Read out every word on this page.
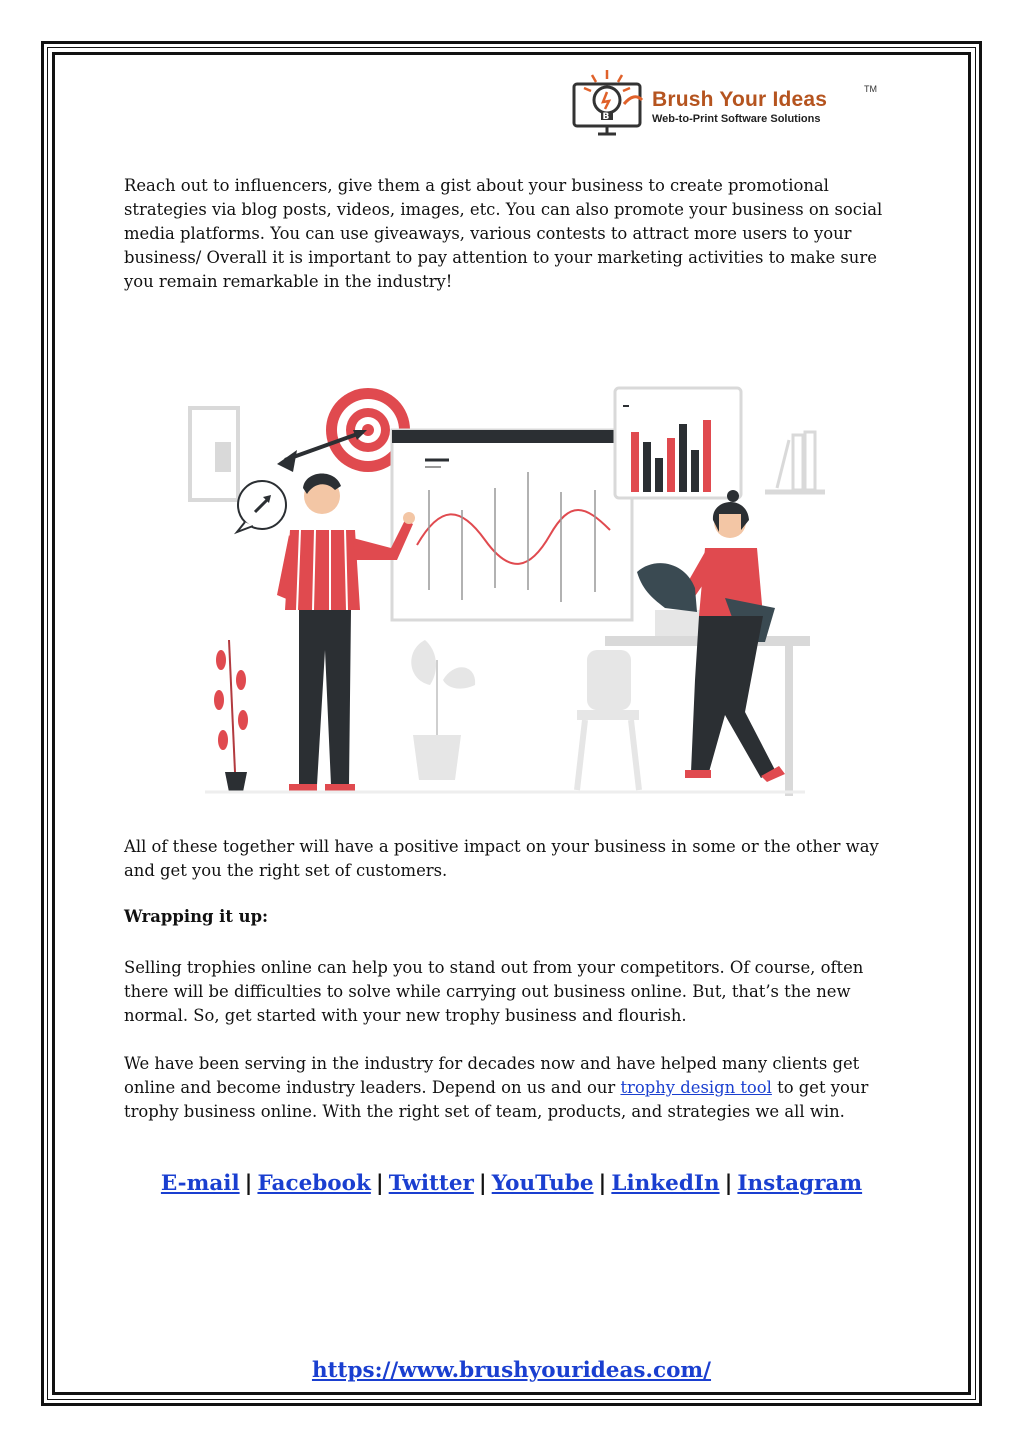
B
Brush Your Ideas	TM
Web-to-Print Software Solutions

Reach out to influencers, give them a gist about your business to create promotional strategies via blog posts, videos, images, etc. You can also promote your business on social media platforms. You can use giveaways, various contests to attract more users to your business/ Overall it is important to pay attention to your marketing activities to make sure you remain remarkable in the industry!

All of these together will have a positive impact on your business in some or the other way and get you the right set of customers.

Wrapping it up:

Selling trophies online can help you to stand out from your competitors. Of course, often there will be difficulties to solve while carrying out business online. But, that’s the new normal. So, get started with your new trophy business and flourish.

We have been serving in the industry for decades now and have helped many clients get online and become industry leaders. Depend on us and our trophy design tool to get your trophy business online. With the right set of team, products, and strategies we all win.

E-mail | Facebook | Twitter | YouTube | LinkedIn | Instagram
https://www.brushyourideas.com/
